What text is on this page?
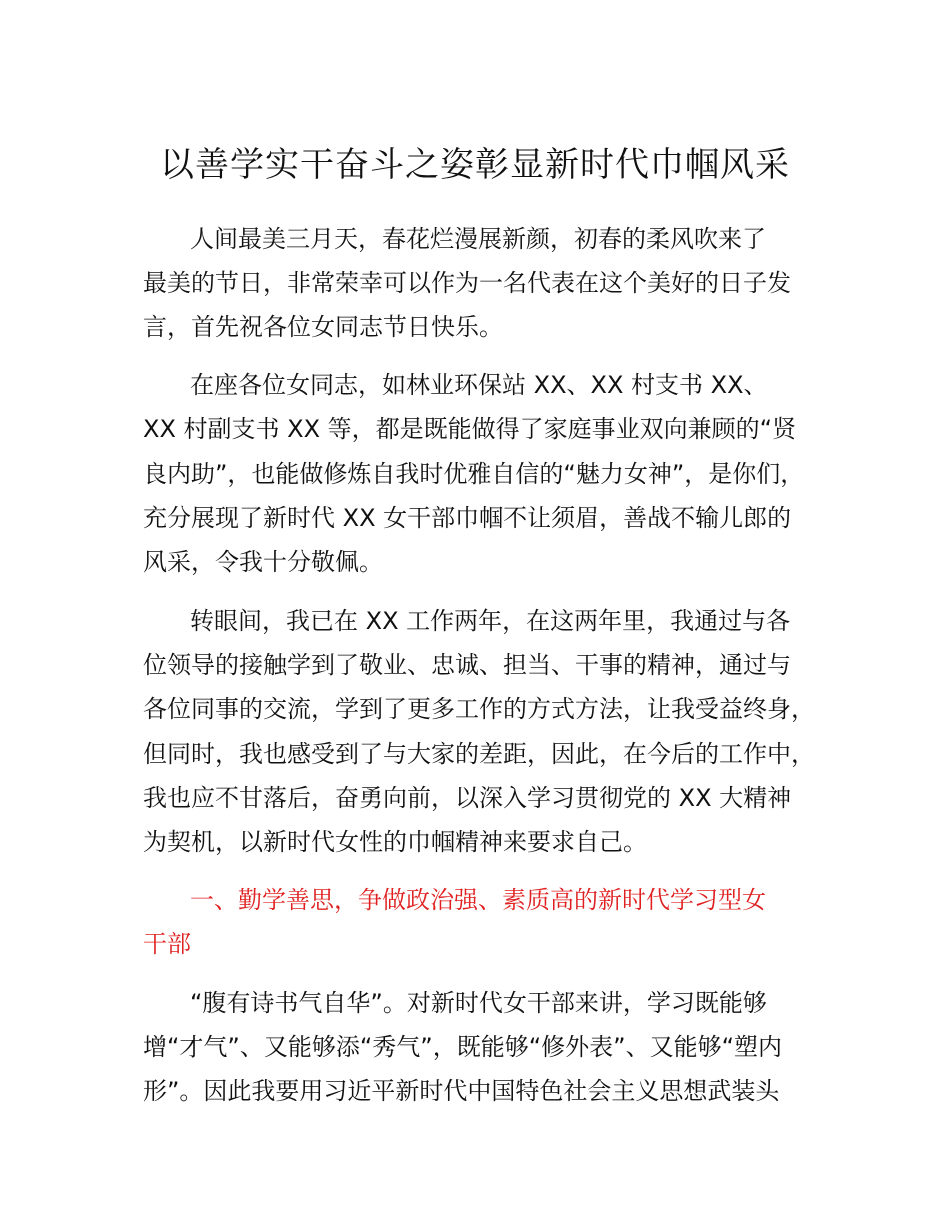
以善学实干奋斗之姿彰显新时代巾帼风采
人间最美三月天，春花烂漫展新颜，初春的柔风吹来了
最美的节日，非常荣幸可以作为一名代表在这个美好的日子发
言，首先祝各位女同志节日快乐。
在座各位女同志，如林业环保站 XX、XX 村支书 XX、
XX 村副支书 XX 等，都是既能做得了家庭事业双向兼顾的“贤
良内助”，也能做修炼自我时优雅自信的“魅力女神”，是你们，
充分展现了新时代 XX 女干部巾帼不让须眉，善战不输儿郎的
风采，令我十分敬佩。
转眼间，我已在 XX 工作两年，在这两年里，我通过与各
位领导的接触学到了敬业、忠诚、担当、干事的精神，通过与
各位同事的交流，学到了更多工作的方式方法，让我受益终身，
但同时，我也感受到了与大家的差距，因此，在今后的工作中，
我也应不甘落后，奋勇向前，以深入学习贯彻党的 XX 大精神
为契机，以新时代女性的巾帼精神来要求自己。
一、勤学善思，争做政治强、素质高的新时代学习型女
干部
“腹有诗书气自华”。对新时代女干部来讲，学习既能够
增“才气”、又能够添“秀气”，既能够“修外表”、又能够“塑内
形”。因此我要用习近平新时代中国特色社会主义思想武装头
